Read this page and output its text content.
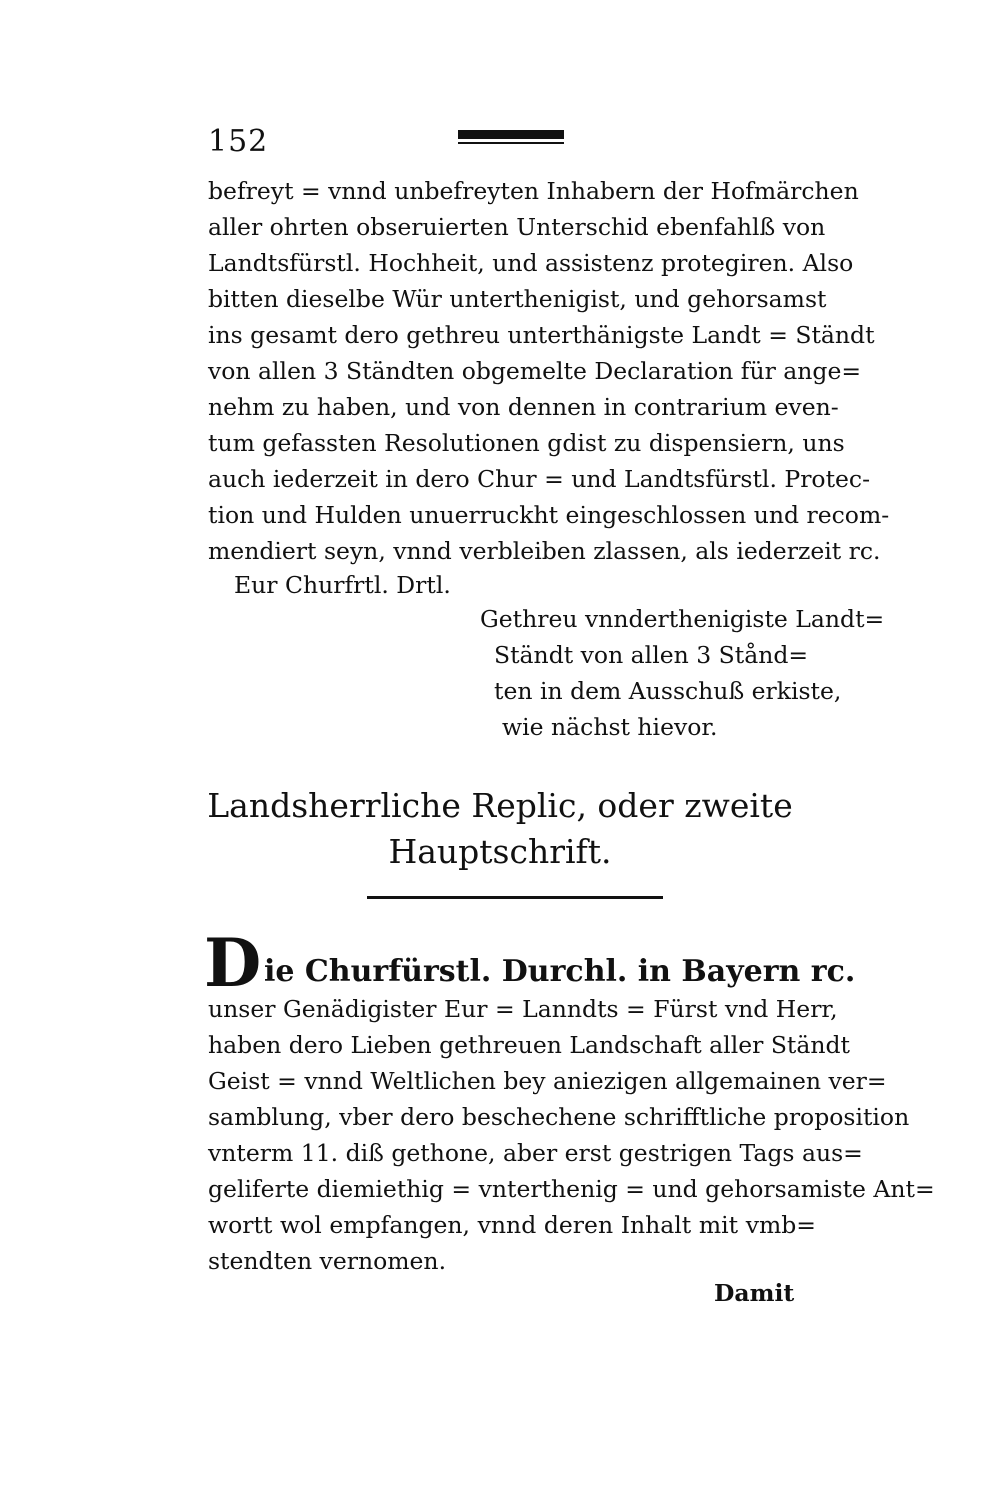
152
befreyt = vnnd unbefreyten Inhabern der Hofmärchen
aller ohrten obseruierten Unterschid ebenfahlß von
Landtsfürstl. Hochheit, und assistenz protegiren. Also
bitten dieselbe Wür unterthenigist, und gehorsamst
ins gesamt dero gethreu unterthänigste Landt = Ständt
von allen 3 Ständten obgemelte Declaration für ange=
nehm zu haben, und von dennen in contrarium even-
tum gefassten Resolutionen gdist zu dispensiern, uns
auch iederzeit in dero Chur = und Landtsfürstl. Protec-
tion und Hulden unuerruckht eingeschlossen und recom-
mendiert seyn, vnnd verbleiben zlassen, als iederzeit rc.
Eur Churfrtl. Drtl.
Gethreu vnnderthenigiste Landt=
Ständt von allen 3 Stånd=
ten in dem Ausschuß erkiste,
wie nächst hievor.
Landsherrliche Replic, oder zweite
Hauptschrift.
D ie Churfürstl. Durchl. in Bayern rc.
unser Genädigister Eur = Lanndts = Fürst vnd Herr,
haben dero Lieben gethreuen Landschaft aller Ständt
Geist = vnnd Weltlichen bey aniezigen allgemainen ver=
samblung, vber dero beschechene schrifftliche proposition
vnterm 11. diß gethone, aber erst gestrigen Tags aus=
geliferte diemiethig = vnterthenig = und gehorsamiste Ant=
wortt wol empfangen, vnnd deren Inhalt mit vmb=
stendten vernomen.
Damit
